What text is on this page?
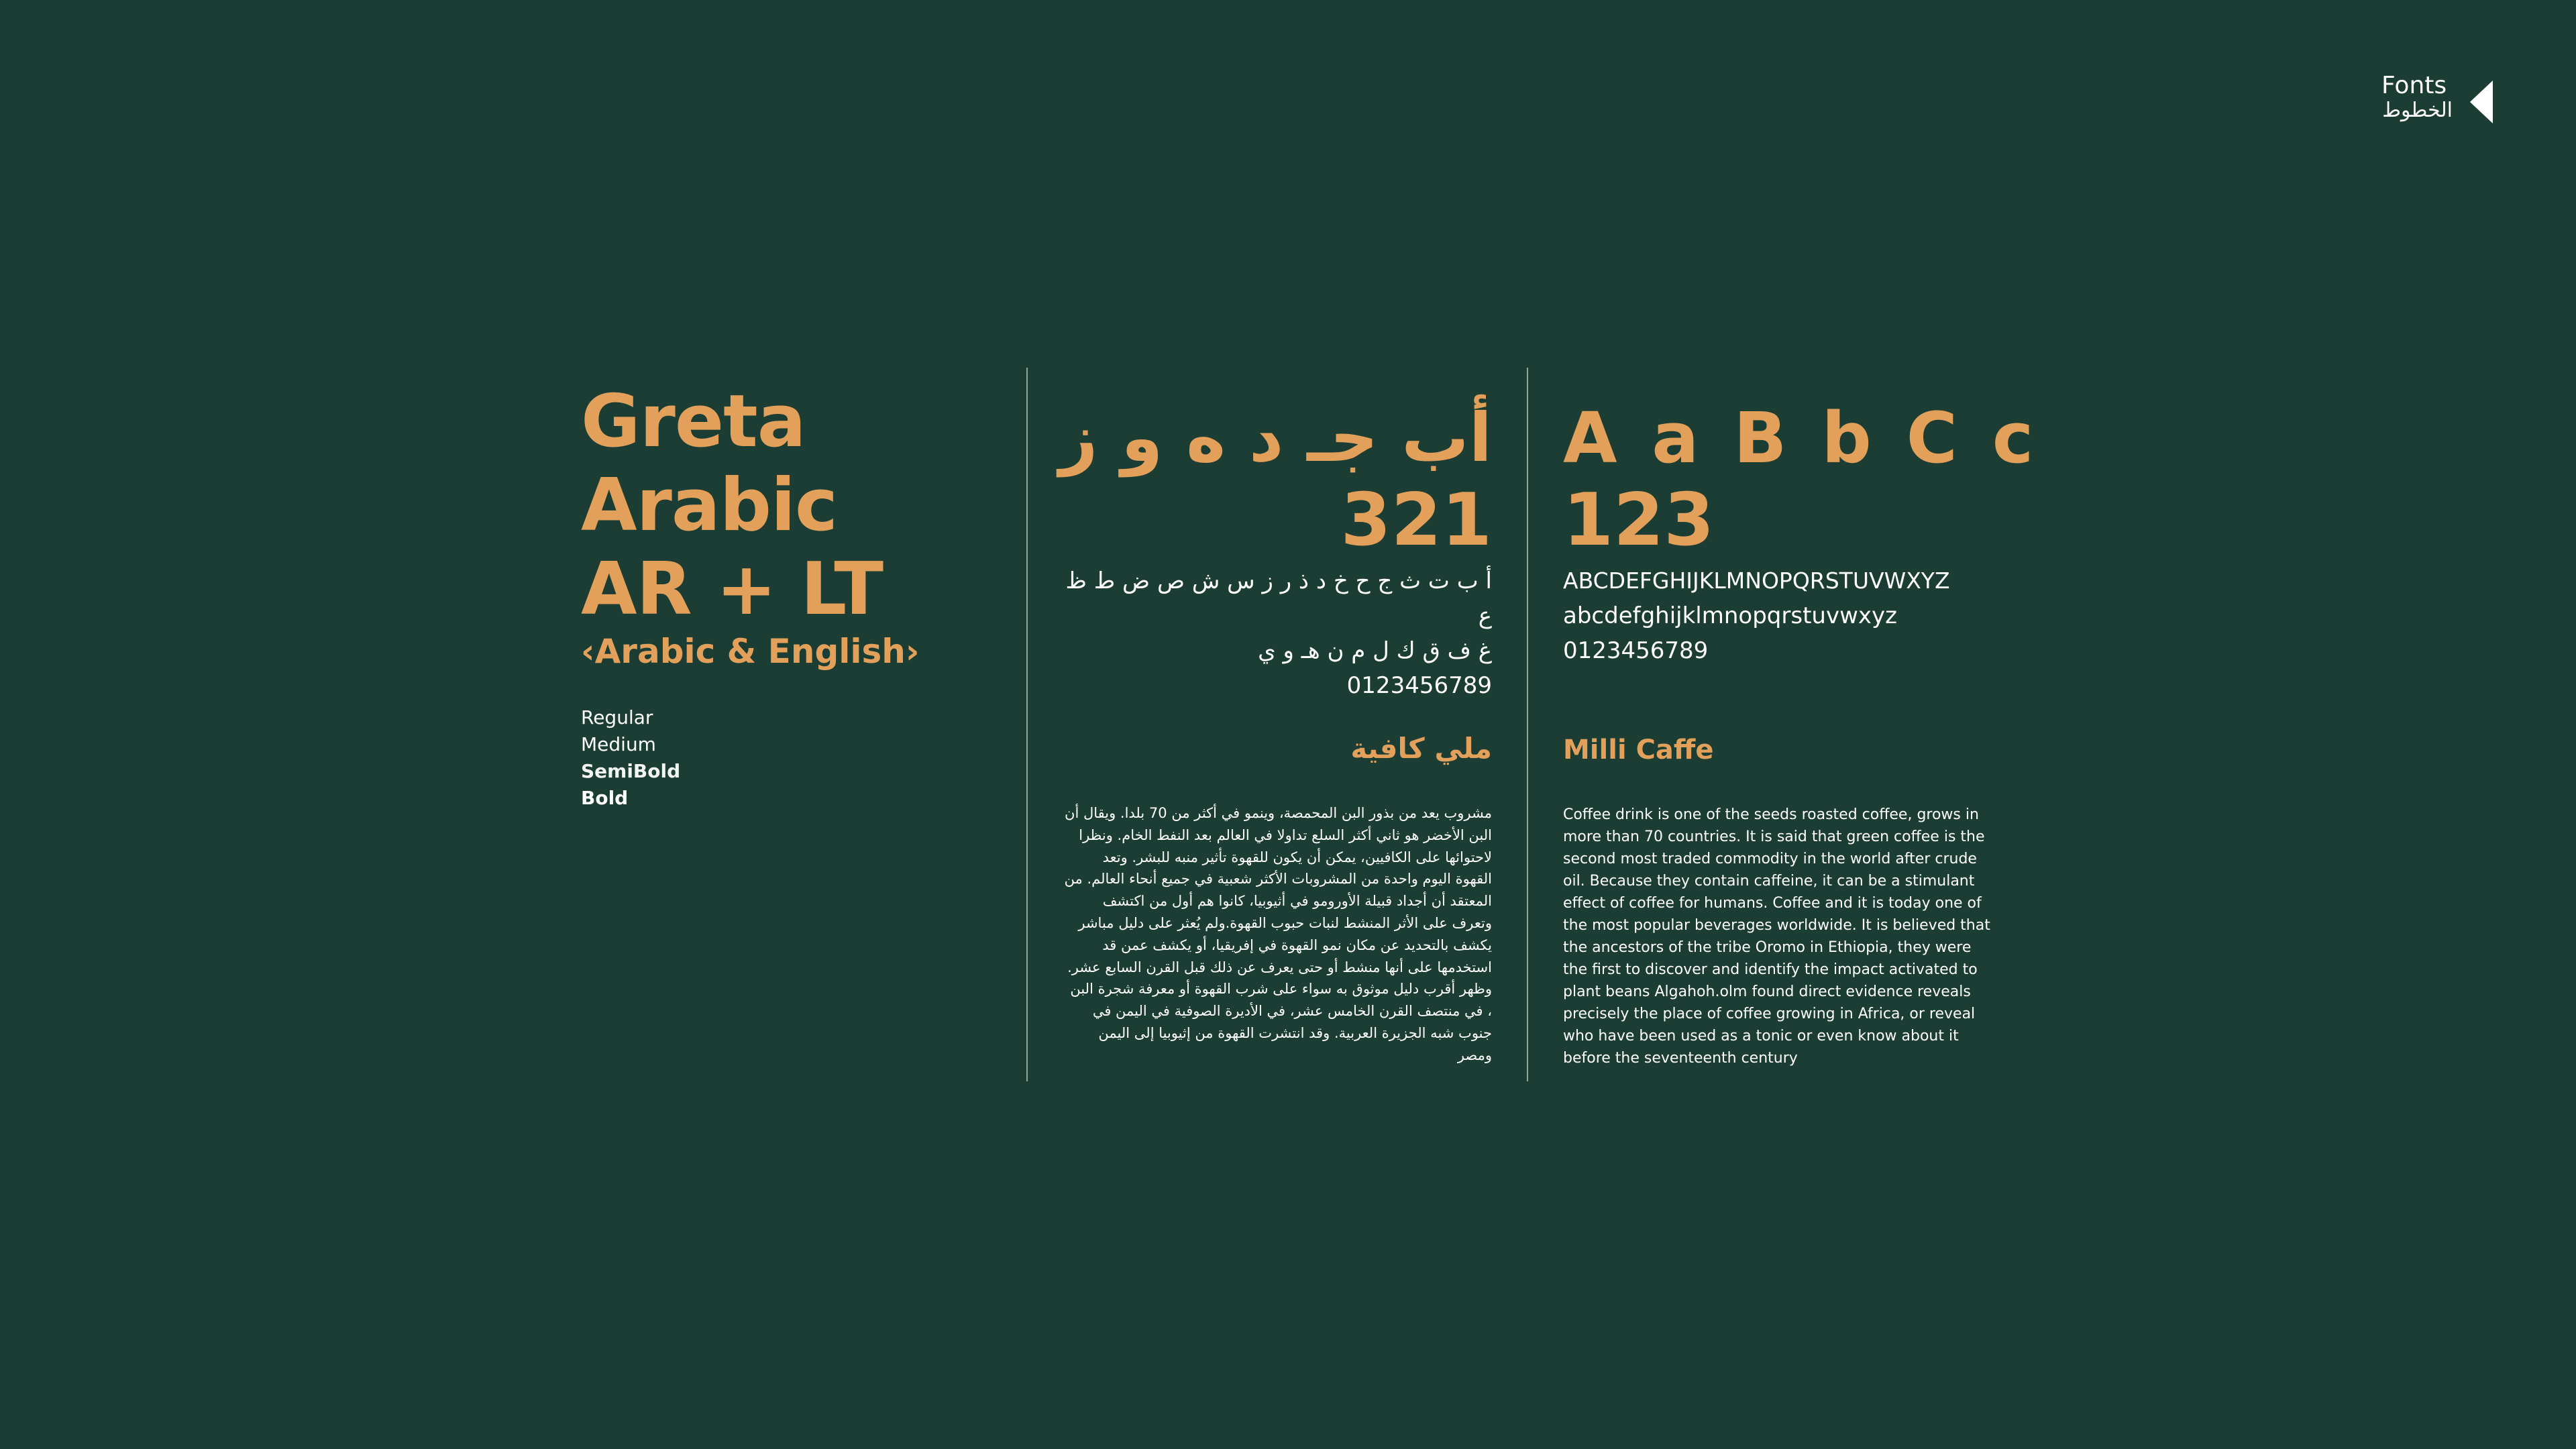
Fonts
الخطوط
Greta
Arabic
AR + LT
‹Arabic & English›
Regular
Medium
SemiBold
Bold
أب جـ د ه و ز
321
أ ب ت ث ج ح خ د ذ ر ز س ش ص ض ط ظ ع
غ ف ق ك ل م ن هـ و ي
0123456789
ملي كافية
مشروب يعد من بذور البن المحمصة، وينمو في أكثر من 70 بلدا. ويقال أن البن الأخضر هو ثاني أكثر السلع تداولا في العالم بعد النفط الخام. ونظرا لاحتوائها على الكافيين، يمكن أن يكون للقهوة تأثير منبه للبشر. وتعد القهوة اليوم واحدة من المشروبات الأكثر شعبية في جميع أنحاء العالم. من المعتقد أن أجداد قبيلة الأورومو في أثيوبيا، كانوا هم أول من اكتشف وتعرف على الأثر المنشط لنبات حبوب القهوة.ولم يُعثر على دليل مباشر يكشف بالتحديد عن مكان نمو القهوة في إفريقيا، أو يكشف عمن قد استخدمها على أنها منشط أو حتى يعرف عن ذلك قبل القرن السابع عشر. وظهر أقرب دليل موثوق به سواء على شرب القهوة أو معرفة شجرة البن ، في منتصف القرن الخامس عشر، في الأديرة الصوفية في اليمن في جنوب شبه الجزيرة العربية. وقد انتشرت القهوة من إثيوبيا إلى اليمن ومصر
A a B b C c
123
ABCDEFGHIJKLMNOPQRSTUVWXYZ
abcdefghijklmnopqrstuvwxyz
0123456789
Milli Caffe
Coffee drink is one of the seeds roasted coffee, grows in more than 70 countries. It is said that green coffee is the second most traded commodity in the world after crude oil. Because they contain caffeine, it can be a stimulant effect of coffee for humans. Coffee and it is today one of the most popular beverages worldwide. It is believed that the ancestors of the tribe Oromo in Ethiopia, they were the first to discover and identify the impact activated to plant beans Algahoh.olm found direct evidence reveals precisely the place of coffee growing in Africa, or reveal who have been used as a tonic or even know about it before the seventeenth century
